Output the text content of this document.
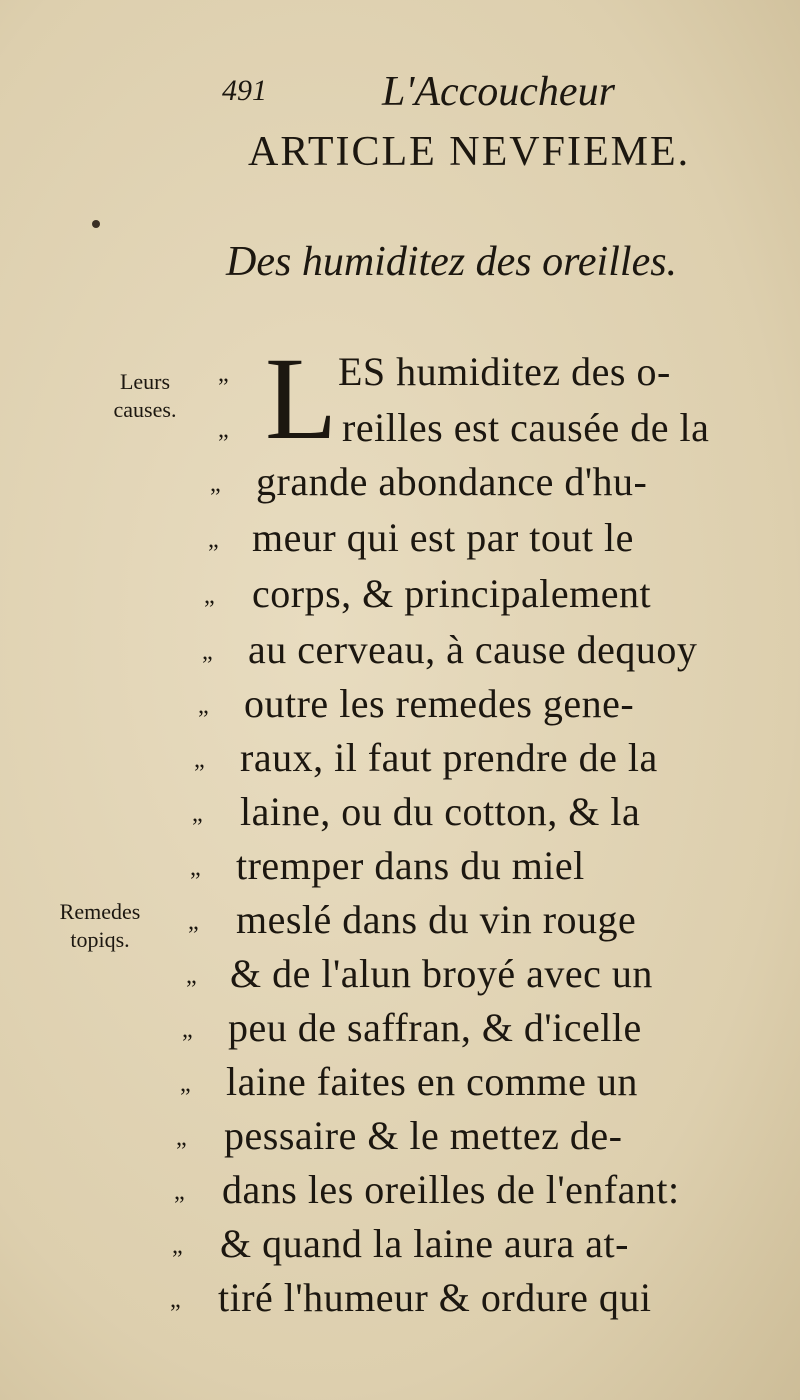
491	L'Accoucheur
ARTICLE NEVFIEME.
Des humiditez des oreilles.
Leurs
causes.
Remedes
topiqs.
L
„
„
„
„
„
„
„
„
„
„
„
„
„
„
„
„
„
„
ES humiditez des o-
reilles est causée de la
grande abondance d'hu-
meur qui est par tout le
corps, & principalement
au cerveau, à cause dequoy
outre les remedes gene-
raux, il faut prendre de la
laine, ou du cotton, & la
tremper dans du miel
meslé dans du vin rouge
& de l'alun broyé avec un
peu de saffran, & d'icelle
laine faites en comme un
pessaire & le mettez de-
dans les oreilles de l'enfant:
& quand la laine aura at-
tiré l'humeur & ordure qui
